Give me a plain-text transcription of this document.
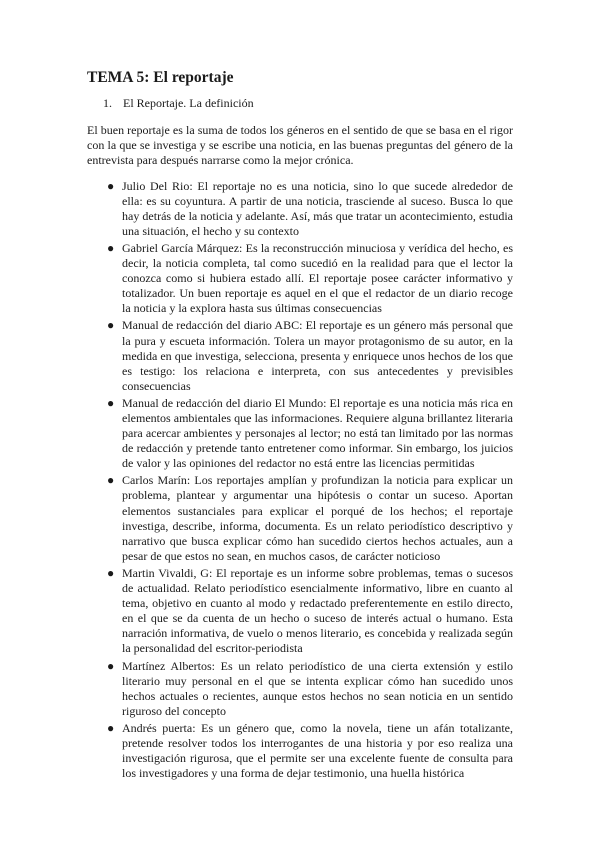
TEMA 5: El reportaje
1. El Reportaje. La definición

El buen reportaje es la suma de todos los géneros en el sentido de que se basa en el rigor con la que se investiga y se escribe una noticia, en las buenas preguntas del género de la entrevista para después narrarse como la mejor crónica.

● Julio Del Rio: El reportaje no es una noticia, sino lo que sucede alrededor de ella: es su coyuntura. A partir de una noticia, trasciende al suceso. Busca lo que hay detrás de la noticia y adelante. Así, más que tratar un acontecimiento, estudia una situación, el hecho y su contexto
● Gabriel García Márquez: Es la reconstrucción minuciosa y verídica del hecho, es decir, la noticia completa, tal como sucedió en la realidad para que el lector la conozca como si hubiera estado allí. El reportaje posee carácter informativo y totalizador. Un buen reportaje es aquel en el que el redactor de un diario recoge la noticia y la explora hasta sus últimas consecuencias
● Manual de redacción del diario ABC: El reportaje es un género más personal que la pura y escueta información. Tolera un mayor protagonismo de su autor, en la medida en que investiga, selecciona, presenta y enriquece unos hechos de los que es testigo: los relaciona e interpreta, con sus antecedentes y previsibles consecuencias
● Manual de redacción del diario El Mundo: El reportaje es una noticia más rica en elementos ambientales que las informaciones. Requiere alguna brillantez literaria para acercar ambientes y personajes al lector; no está tan limitado por las normas de redacción y pretende tanto entretener como informar. Sin embargo, los juicios de valor y las opiniones del redactor no está entre las licencias permitidas
● Carlos Marín: Los reportajes amplían y profundizan la noticia para explicar un problema, plantear y argumentar una hipótesis o contar un suceso. Aportan elementos sustanciales para explicar el porqué de los hechos; el reportaje investiga, describe, informa, documenta. Es un relato periodístico descriptivo y narrativo que busca explicar cómo han sucedido ciertos hechos actuales, aun a pesar de que estos no sean, en muchos casos, de carácter noticioso
● Martin Vivaldi, G: El reportaje es un informe sobre problemas, temas o sucesos de actualidad. Relato periodístico esencialmente informativo, libre en cuanto al tema, objetivo en cuanto al modo y redactado preferentemente en estilo directo, en el que se da cuenta de un hecho o suceso de interés actual o humano. Esta narración informativa, de vuelo o menos literario, es concebida y realizada según la personalidad del escritor-periodista
● Martínez Albertos: Es un relato periodístico de una cierta extensión y estilo literario muy personal en el que se intenta explicar cómo han sucedido unos hechos actuales o recientes, aunque estos hechos no sean noticia en un sentido riguroso del concepto
● Andrés puerta: Es un género que, como la novela, tiene un afán totalizante, pretende resolver todos los interrogantes de una historia y por eso realiza una investigación rigurosa, que el permite ser una excelente fuente de consulta para los investigadores y una forma de dejar testimonio, una huella histórica
